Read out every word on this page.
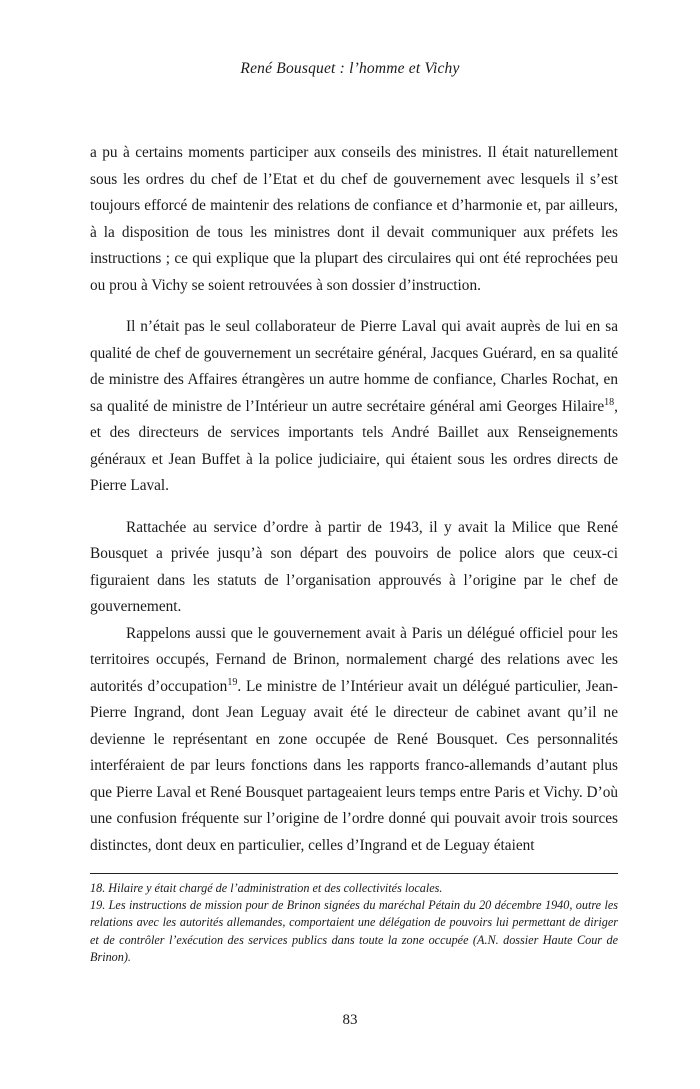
René Bousquet : l’homme et Vichy

a pu à certains moments participer aux conseils des ministres. Il était naturellement sous les ordres du chef de l’Etat et du chef de gouvernement avec lesquels il s’est toujours efforcé de maintenir des relations de confiance et d’harmonie et, par ailleurs, à la disposition de tous les ministres dont il devait communiquer aux préfets les instructions ; ce qui explique que la plupart des circulaires qui ont été reprochées peu ou prou à Vichy se soient retrouvées à son dossier d’instruction.

Il n’était pas le seul collaborateur de Pierre Laval qui avait auprès de lui en sa qualité de chef de gouvernement un secrétaire général, Jacques Guérard, en sa qualité de ministre des Affaires étrangères un autre homme de confiance, Charles Rochat, en sa qualité de ministre de l’Intérieur un autre secrétaire général ami Georges Hilaire$^{18}$, et des directeurs de services importants tels André Baillet aux Renseignements généraux et Jean Buffet à la police judiciaire, qui étaient sous les ordres directs de Pierre Laval.

Rattachée au service d’ordre à partir de 1943, il y avait la Milice que René Bousquet a privée jusqu’à son départ des pouvoirs de police alors que ceux-ci figuraient dans les statuts de l’organisation approuvés à l’origine par le chef de gouvernement.

Rappelons aussi que le gouvernement avait à Paris un délégué officiel pour les territoires occupés, Fernand de Brinon, normalement chargé des relations avec les autorités d’occupation$^{19}$. Le ministre de l’Intérieur avait un délégué particulier, Jean-Pierre Ingrand, dont Jean Leguay avait été le directeur de cabinet avant qu’il ne devienne le représentant en zone occupée de René Bousquet. Ces personnalités interféraient de par leurs fonctions dans les rapports franco-allemands d’autant plus que Pierre Laval et René Bousquet partageaient leurs temps entre Paris et Vichy. D’où une confusion fréquente sur l’origine de l’ordre donné qui pouvait avoir trois sources distinctes, dont deux en particulier, celles d’Ingrand et de Leguay étaient

18. Hilaire y était chargé de l’administration et des collectivités locales.

19. Les instructions de mission pour de Brinon signées du maréchal Pétain du 20 décembre 1940, outre les relations avec les autorités allemandes, comportaient une délégation de pouvoirs lui permettant de diriger et de contrôler l’exécution des services publics dans toute la zone occupée (A.N. dossier Haute Cour de Brinon).

83
